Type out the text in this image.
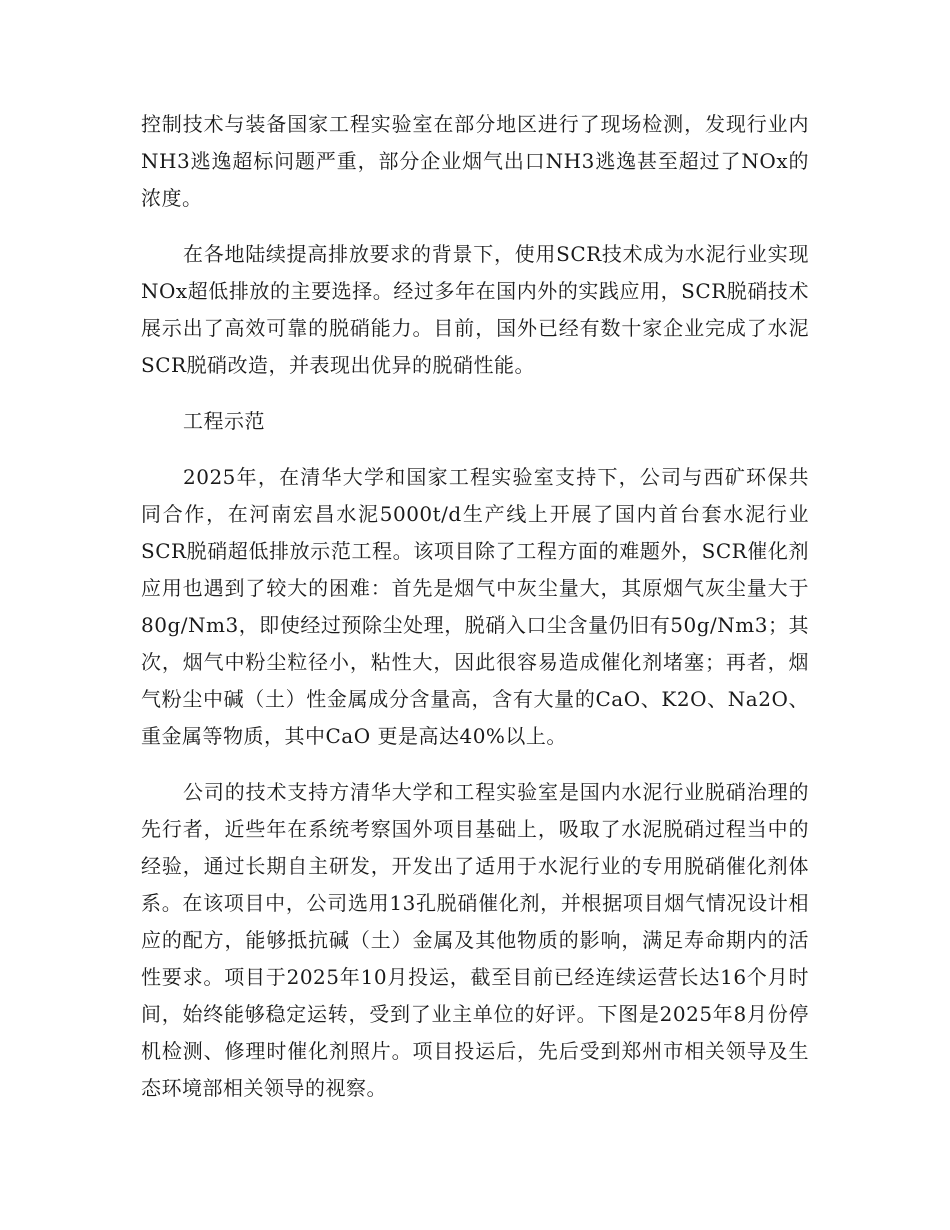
控制技术与装备国家工程实验室在部分地区进行了现场检测，发现行业内NH3逃逸超标问题严重，部分企业烟气出口NH3逃逸甚至超过了NOx的浓度。

在各地陆续提高排放要求的背景下，使用SCR技术成为水泥行业实现NOx超低排放的主要选择。经过多年在国内外的实践应用，SCR脱硝技术展示出了高效可靠的脱硝能力。目前，国外已经有数十家企业完成了水泥SCR脱硝改造，并表现出优异的脱硝性能。

工程示范

2025年，在清华大学和国家工程实验室支持下，公司与西矿环保共同合作，在河南宏昌水泥5000t/d生产线上开展了国内首台套水泥行业SCR脱硝超低排放示范工程。该项目除了工程方面的难题外，SCR催化剂应用也遇到了较大的困难：首先是烟气中灰尘量大，其原烟气灰尘量大于80g/Nm3，即使经过预除尘处理，脱硝入口尘含量仍旧有50g/Nm3；其次，烟气中粉尘粒径小，粘性大，因此很容易造成催化剂堵塞；再者，烟气粉尘中碱（土）性金属成分含量高，含有大量的CaO、K2O、Na2O、重金属等物质，其中CaO 更是高达40%以上。

公司的技术支持方清华大学和工程实验室是国内水泥行业脱硝治理的先行者，近些年在系统考察国外项目基础上，吸取了水泥脱硝过程当中的经验，通过长期自主研发，开发出了适用于水泥行业的专用脱硝催化剂体系。在该项目中，公司选用13孔脱硝催化剂，并根据项目烟气情况设计相应的配方，能够抵抗碱（土）金属及其他物质的影响，满足寿命期内的活性要求。项目于2025年10月投运，截至目前已经连续运营长达16个月时间，始终能够稳定运转，受到了业主单位的好评。下图是2025年8月份停机检测、修理时催化剂照片。项目投运后，先后受到郑州市相关领导及生态环境部相关领导的视察。
